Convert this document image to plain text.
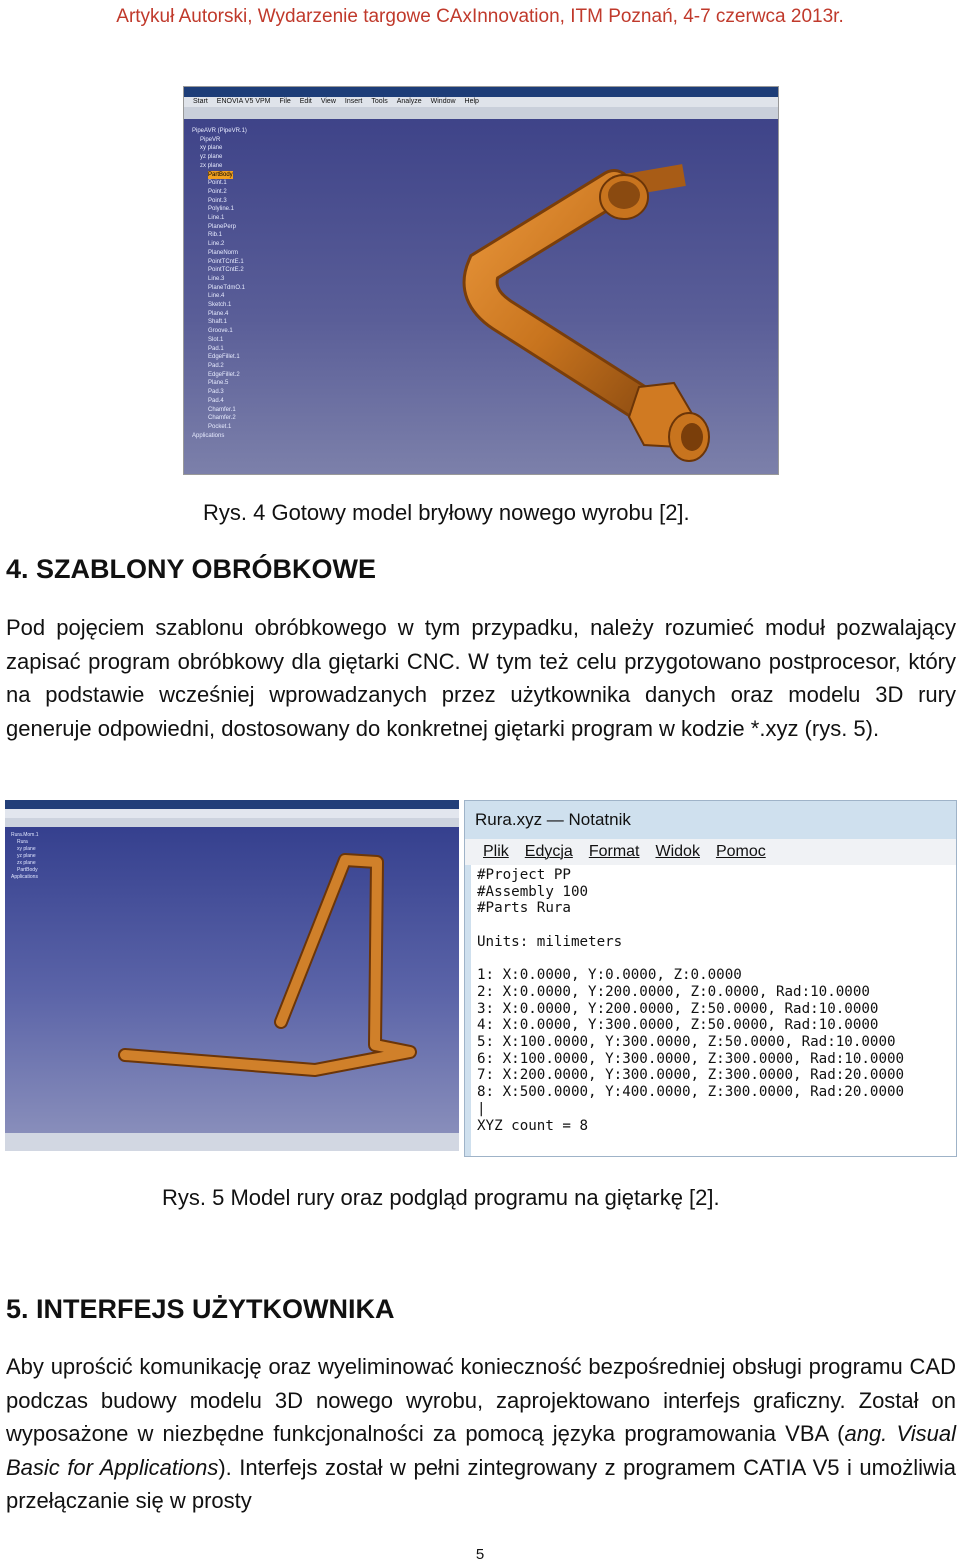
Artykuł Autorski, Wydarzenie targowe CAxInnovation, ITM Poznań, 4-7 czerwca 2013r.
Start ENOVIA V5 VPM File Edit View Insert Tools Analyze Window Help
PipeAVR (PipeVR.1)
PipeVR
xy plane
yz plane
zx plane
PartBody
Point.1
Point.2
Point.3
Polyline.1
Line.1
PlanePerp
Rib.1
Line.2
PlaneNorm
PointTCntE.1
PointTCntE.2
Line.3
PlaneTdmO.1
Line.4
Sketch.1
Plane.4
Shaft.1
Groove.1
Slot.1
Pad.1
EdgeFillet.1
Pad.2
EdgeFillet.2
Plane.5
Pad.3
Pad.4
Chamfer.1
Chamfer.2
Pocket.1
Applications
Rys. 4 Gotowy model bryłowy nowego wyrobu [2].
4. SZABLONY OBRÓBKOWE
Pod pojęciem szablonu obróbkowego w tym przypadku, należy rozumieć moduł pozwalający zapisać program obróbkowy dla giętarki CNC. W tym też celu przygotowano postprocesor, który na podstawie wcześniej wprowadzanych przez użytkownika danych oraz modelu 3D rury generuje odpowiedni, dostosowany do konkretnej giętarki program w kodzie *.xyz (rys. 5).
Rura.Mom.1
Rura
xy plane
yz plane
zx plane
PartBody
Applications
Rura.xyz — Notatnik
Plik Edycja Format Widok Pomoc
#Project PP
#Assembly 100
#Parts Rura

Units: milimeters

1: X:0.0000, Y:0.0000, Z:0.0000
2: X:0.0000, Y:200.0000, Z:0.0000, Rad:10.0000
3: X:0.0000, Y:200.0000, Z:50.0000, Rad:10.0000
4: X:0.0000, Y:300.0000, Z:50.0000, Rad:10.0000
5: X:100.0000, Y:300.0000, Z:50.0000, Rad:10.0000
6: X:100.0000, Y:300.0000, Z:300.0000, Rad:10.0000
7: X:200.0000, Y:300.0000, Z:300.0000, Rad:20.0000
8: X:500.0000, Y:400.0000, Z:300.0000, Rad:20.0000
|
XYZ count = 8
Rys. 5 Model rury oraz podgląd programu na giętarkę [2].
5. INTERFEJS UŻYTKOWNIKA
Aby uprościć komunikację oraz wyeliminować konieczność bezpośredniej obsługi programu CAD podczas budowy modelu 3D nowego wyrobu, zaprojektowano interfejs graficzny. Został on wyposażone w niezbędne funkcjonalności za pomocą języka programowania VBA (ang. Visual Basic for Applications). Interfejs został w pełni zintegrowany z programem CATIA V5 i umożliwia przełączanie się w prosty
5
